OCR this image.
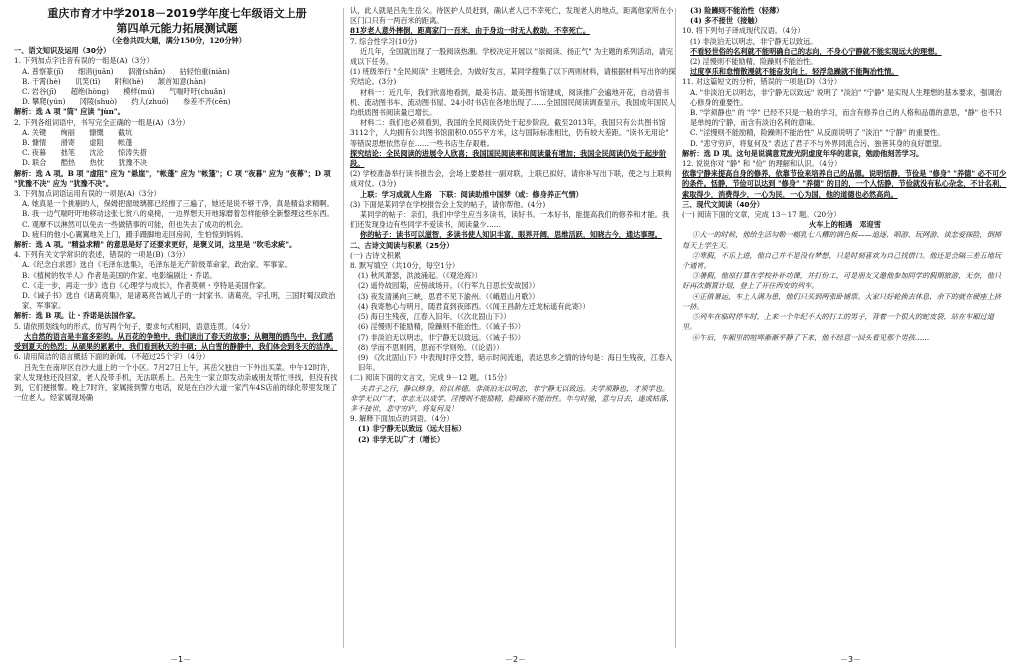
重庆市育才中学2018－2019学年度七年级语文上册

第四单元能力拓展测试题

（全卷共四大题，满分150分，120分钟）

一、语文知识及运用（30分）

1. 下列加点字注音有误的一组是(A)（3分）

A. 普察篆(jī)　　细涓(juān)　　泅滑(shǎn)　　拈轻怕重(niān)

B. 干霄(hè)　　讥笑(tǐ)　　附和(hè)　　颔首知意(hàn)

C. 岩谷(jī)　　超绝(hòng)　　模样(mú)　　气喘吁吁(chuǎn)

D. 攀爬(yún)　　冈陵(shuò)　　约人(zhuó)　　参差不齐(cēn)

解析：选 A 项 "筒" 应读 "jùn"。

2. 下列各组词语中，书写完全正确的一组是(A)（3分）

A. 关键　　绚丽　　慷慨　　截坑

B. 慷情　　滑寄　　虚阻　　帐蓬

C. 夜暮　　拙笔　　沈沦　　惊涛失措

D. 联合　　酷热　　热忱　　犹豫不决

解析：选 A 项。B 项 "虚阻" 应为 "悬崖"，"帐蓬" 应为 "帐篷"；C 项 "夜暮" 应为 "夜幕"；D 项 "犹豫不决" 应为 "犹豫不决"。

3. 下列加点词语运用有误的一项是(A)（3分）

A. 她真是一个挑剔的人，保姆把窗玻璃都已经擦了三遍了，她还是说不够干净，真是精益求精啊。

B. 我一边气喘吁吁地移动这张七赏八的桌椅，一边界想天开地琢磨着怎样能够全新整理这些东西。

C. 观摩不以淋然可以免去一些做错事的可能，但也失去了成功的机会。

D. 疲归的他小心翼翼地关上门，蹑手蹑脚地走回房间，生怕惊到妈妈。

解析：选 A 项。"精益求精" 的意思是好了还要求更好，是褒义词，这里是 "吹毛求疵"。

4. 下列有关文学常识的表述，错误的一项是(B)（3分）

A.《纪念白求恩》选自《毛泽东选集》，毛泽东是无产阶级革命家、政治家、军事家。

B.《植树的牧羊人》作者是美国的作家、电影编剧让・乔诺。

C.《走一步，再走一步》选自《心理学与成长》，作者莫顿・亨特是美国作家。

D.《诫子书》选自《诸葛亮集》，是诸葛亮告诫儿子的一封家书。诸葛亮，字孔明，三国时蜀汉政治家、军事家。

解析：选 B 项。让・乔诺是法国作家。

5. 请依照划线句的形式，仿写两个句子，要求句式相同，语意连贯。（4分）

大自然的语言是丰富多彩的。从百花的争艳中，我们读出了春天的故事；从翱翔的鸥鸟中，我们感受到夏天的热烈；从硕果的累累中，我们看到秋天的丰硕；从白雪的静静中，我们体会到冬天的洁净。

6. 请用简洁的语言概括下面的新闻。（不超过25个字）（4分）

吕先生在南岸区自沙大道上的一个小区。7月27日上午，其岳父独自一下外出买菜。中午12时许，家人发现他还没回家，老人没带手机，无法联系上。吕先生一家立即发动亲戚朋友帮忙寻找，但没有找到，它们便报警。晚上7时许，家属接到警方电话，说是在白沙大道一家汽车4S店前的绿化带里发现了一位老人。经家属现场确

－1－

认，此人就是吕先生岳父。待医护人员赶到，确认老人已不幸死亡，发现老人的地点，距离他家所在小区门口只有一两百米的距离。

81岁老人意外摔倒，距离家门一百米，由于身边一时无人救助，不幸死亡。

7. 综合性学习(10分)

近几年，全国就出现了一股阅读热潮。学校决定开展以 "崇阅读、扬正气" 为主题的系列活动，请完成以下任务。

(1) 班级举行 "全民阅读" 主题班会，为做好发言，某同学搜集了以下两则材料，请根据材料写出你的探究结论。(3分)

材料一：近几年，我们欣喜地看到，最美书店、最美图书馆建成，阅读推广会遍地开花，自动借书机、流动图书车、流动图书屋、24小时书店在各地出现了……全国国民阅读调查显示，我国成年国民人均纸质图书阅读量已增长。

材料二：我们也必须看到，我国的全民阅读仍处于起步阶段。截至2013年，我国只有公共图书馆3112个，人均拥有公共图书馆面积0.055平方米，这与国际标准相比，仍有较大差距。"读书无用论" 等错误思想依然存在……一些书店生存艰难。

探究结论：全民阅读的进展令人欣喜；我国国民阅读率和阅读量有增加；我国全民阅读仍处于起步阶段。

(2) 学校准备举行读书报告会，会场上要悬挂一副对联，上联已拟好，请你补写出下联，使之与上联构成对仗。(3分)

上联：学习成就人生路　下联：阅读助推中国梦（或：修身养正气情）

(3) 下面是某同学在学校报告会上发的帖子，请你帮他。(4分)

某同学的帖子：亲们，我们中学生应当多读书，读好书。一本好书，能提高我们的修养和才能。我们还发现身边有些同学不爱读书，阅读量少……

你的帖子：读书可以滋智，多读书使人知识丰富，眼界开阔，思维活跃，知晓古今，通达事理。

二、古诗文阅读与积累（25分）

(一) 古诗文积累

8. 默写填空（共10分，每空1分）

(1) 秋风萧瑟，洪波涌起。（《观沧海》）

(2) 遥怜故园菊，应傍战场开。（《行军九日思长安故园》）

(3) 夜发清溪向三峡，思君不见下渝州。（《峨眉山月歌》）

(4) 我寄愁心与明月，随君直到夜郎西。（《闻王昌龄左迁龙标遥有此寄》）

(5) 海日生残夜，江春入旧年。（《次北固山下》）

(6) 淫慢则不能励精，险躁则不能治性。（《诫子书》）

(7) 非淡泊无以明志，非宁静无以致远。（《诫子书》）

(8) 学而不思则罔，思而不学则殆。（《论语》）

(9) 《次北固山下》中表现时序交替，暗示时间流逝，表达思乡之情的诗句是：海日生残夜，江春入旧年。

(二) 阅读下面的文言文，完成 9－12 题。（15分）

夫君子之行，静以修身，俭以养德。非淡泊无以明志，非宁静无以致远。夫学须静也，才须学也。非学无以广才，非志无以成学。淫慢则不能励精，险躁则不能治性。年与时驰，意与日去，遂成枯落，多不接世，悲守穷庐，将复何及！

9. 解释下面加点的词语。（4分）

(1) 非宁静无以致远（远大目标）

(2) 非学无以广才（增长）

－2－

(3) 险躁则不能治性（轻薄）

(4) 多不接世（接触）

10. 将下列句子译成现代汉语。（4分）

(1) 非淡泊无以明志，非宁静无以致远。

不看轻世俗的名利就不能明确自己的志向，不身心宁静就不能实现远大的理想。

(2) 淫慢则不能励精，险躁则不能治性。

过度享乐和怠惰散漫就不能奋发向上，轻浮急躁就不能陶冶性情。

11. 对这篇短文的分析，错误的一项是(D)（3分）

A. "非淡泊无以明志，非宁静无以致远" 说明了 "淡泊" "宁静" 是实现人生理想的基本要求，强调治心修身的重要性。

B. "学须静也" 的 "学" 已经不只是一般的学习，而含有修养自己的人格和品德的意思，"静" 也不只是单纯的宁静，而含有淡泊名利的意味。

C. "淫慢则不能励精，险躁则不能治性" 从反面说明了 "淡泊" "宁静" 的重要性。

D. "悲守穷庐，将复何及" 表达了君子不与外界同流合污，独善其身的良好愿望。

解析：选 D 项。这句是说满意荒废光阴虚度年华的悲哀，勉励他刻苦学习。

12. 说说你对 "静" 和 "俭" 的理解和认识。（4分）

依靠宁静来提高自身的修养，依靠节俭来培养自己的品德。说明恬静，节俭是 "修身" "养德" 必不可少的条件。恬静，节俭可以达到 "修身" "养德" 的目的，一个人恬静，节俭就没有私心杂念，不计名利，索取得少，消费得少，一心为民，一心为国，他的道德也必然高尚。

三、现代文阅读（40分）

(一) 阅读下面的文章，完成 13－17 题。（20分）

火车上的相遇　邓迎雪

①大一的时候，他给生活勾勒一幅乳七八糟的调色板——追逐、唱游、玩网游、谈恋爱探险，倒掉每天上学生天。

②寒假，不乐上进，他自己并不是没有梦想，只是时刻喜欢为自己找借口。他还是会隔三差五地玩个通宵。

③暑假，他原打算在学校补补功课，并打份工，可是朋友又邀他参加同学的假期旅游，无奈，他只好再次搁置计划，登上了开往西安的列车。

④正值暑运，车上人满为患，他们只买到两张卧铺票。大家只好轮换去休息，余下的就在硬座上挤一挤。

⑤列车在临时停车时，上来一个年纪不大的打工的男子，背着一个很大的蛇皮袋，站在车厢过道里。

⑥午后，车厢里的喧哗渐渐平静了下来，他不经意一回头看见那个男孩……

－3－
